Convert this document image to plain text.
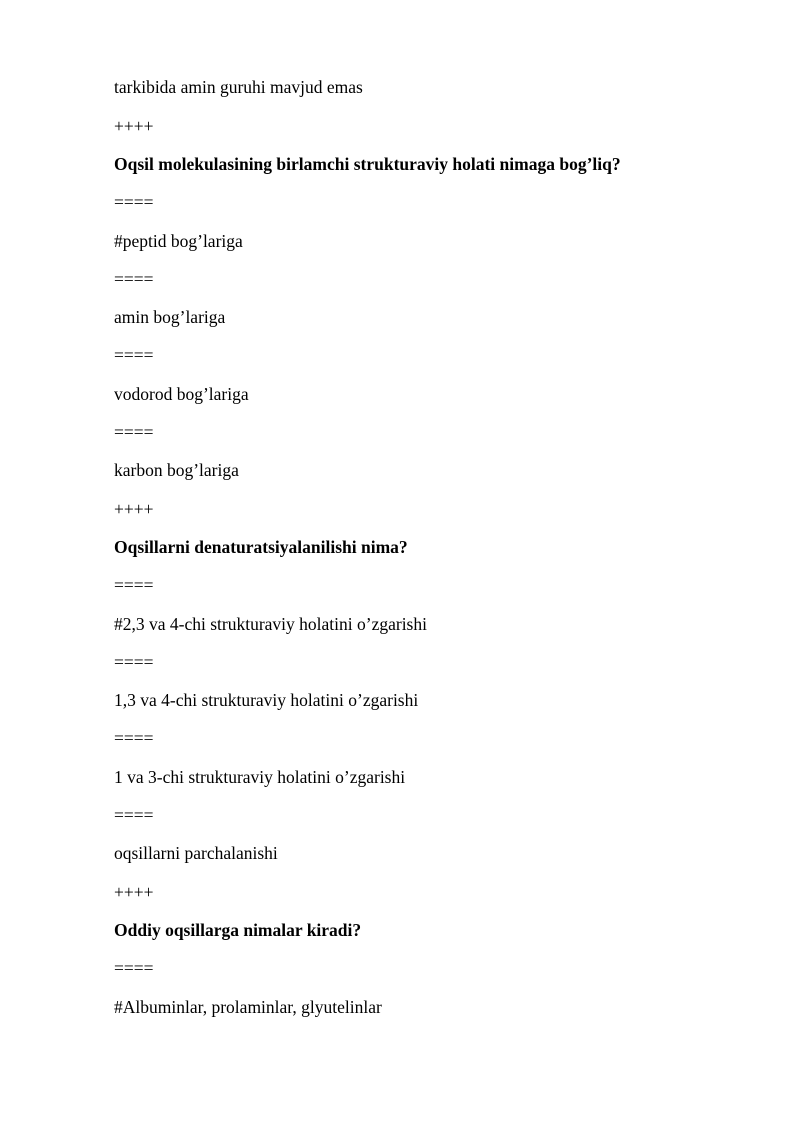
tarkibida amin guruhi mavjud emas
++++
Oqsil molekulasining birlamchi strukturaviy holati nimaga bog’liq?
====
#peptid bog’lariga
====
amin bog’lariga
====
vodorod bog’lariga
====
karbon bog’lariga
++++
Oqsillarni denaturatsiyalanilishi nima?
====
#2,3 va 4-chi strukturaviy holatini o’zgarishi
====
1,3 va 4-chi strukturaviy holatini o’zgarishi
====
1 va 3-chi strukturaviy holatini o’zgarishi
====
oqsillarni parchalanishi
++++
Oddiy oqsillarga nimalar kiradi?
====
#Albuminlar, prolaminlar, glyutelinlar
